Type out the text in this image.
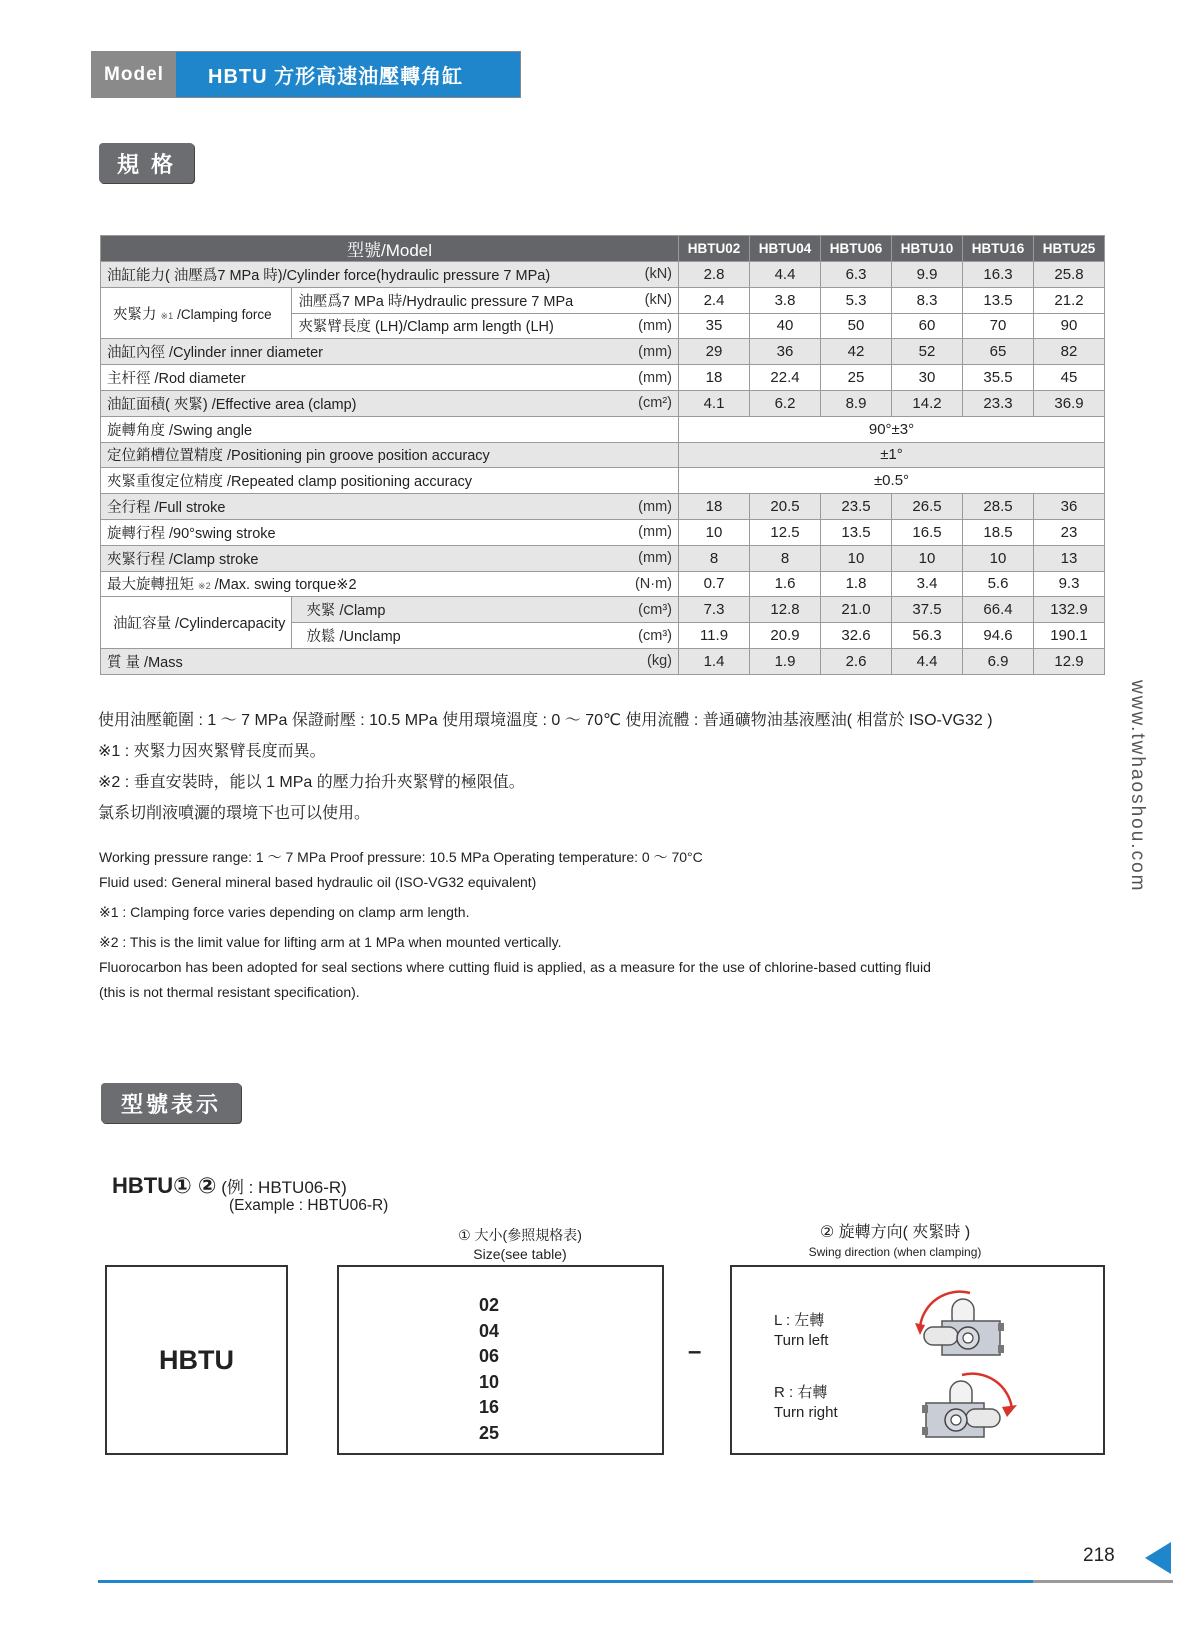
Model	HBTU 方形高速油壓轉角缸
規 格
型號/Model			HBTU02	HBTU04	HBTU06	HBTU10	HBTU16	HBTU25
油缸能力( 油壓爲7 MPa 時)/Cylinder force(hydraulic pressure 7 MPa)		(kN)	2.8	4.4	6.3	9.9	16.3	25.8
夾緊力 ※1 /Clamping force	油壓爲7 MPa 時/Hydraulic pressure 7 MPa	(kN)	2.4	3.8	5.3	8.3	13.5	21.2
	夾緊臂長度 (LH)/Clamp arm length (LH)	(mm)	35	40	50	60	70	90
油缸內徑 /Cylinder inner diameter		(mm)	29	36	42	52	65	82
主杆徑 /Rod diameter		(mm)	18	22.4	25	30	35.5	45
油缸面積( 夾緊) /Effective area (clamp)		(cm²)	4.1	6.2	8.9	14.2	23.3	36.9
旋轉角度 /Swing angle			90°±3°					
定位銷槽位置精度 /Positioning pin groove position accuracy			±1°					
夾緊重復定位精度 /Repeated clamp positioning accuracy			±0.5°					
全行程 /Full stroke		(mm)	18	20.5	23.5	26.5	28.5	36
旋轉行程 /90°swing stroke		(mm)	10	12.5	13.5	16.5	18.5	23
夾緊行程 /Clamp stroke		(mm)	8	8	10	10	10	13
最大旋轉扭矩 ※2 /Max. swing torque※2		(N·m)	0.7	1.6	1.8	3.4	5.6	9.3
油缸容量 /Cylindercapacity	夾緊 /Clamp	(cm³)	7.3	12.8	21.0	37.5	66.4	132.9
	放鬆 /Unclamp	(cm³)	11.9	20.9	32.6	56.3	94.6	190.1
質 量 /Mass		(kg)	1.4	1.9	2.6	4.4	6.9	12.9
使用油壓範圍 : 1 ～ 7 MPa 保證耐壓 : 10.5 MPa 使用環境溫度 : 0 ～ 70℃ 使用流體 : 普通礦物油基液壓油( 相當於 ISO-VG32 )
※1 : 夾緊力因夾緊臂長度而異。
※2 : 垂直安裝時，能以 1 MPa 的壓力抬升夾緊臂的極限值。
氯系切削液噴灑的環境下也可以使用。
Working pressure range: 1 ～ 7 MPa Proof pressure: 10.5 MPa Operating temperature: 0 ～ 70°C
Fluid used: General mineral based hydraulic oil (ISO-VG32 equivalent)
※1 : Clamping force varies depending on clamp arm length.
※2 : This is the limit value for lifting arm at 1 MPa when mounted vertically.
Fluorocarbon has been adopted for seal sections where cutting fluid is applied, as a measure for the use of chlorine-based cutting fluid
(this is not thermal resistant specification).
www.twhaoshou.com
型號表示
HBTU① ② (例 : HBTU06-R)
(Example : HBTU06-R)
① 大小(參照規格表)
Size(see table)
② 旋轉方向( 夾緊時 )
Swing direction (when clamping)
HBTU
02
04
06
10
16
25
–
L : 左轉
Turn left
R : 右轉
Turn right
218
